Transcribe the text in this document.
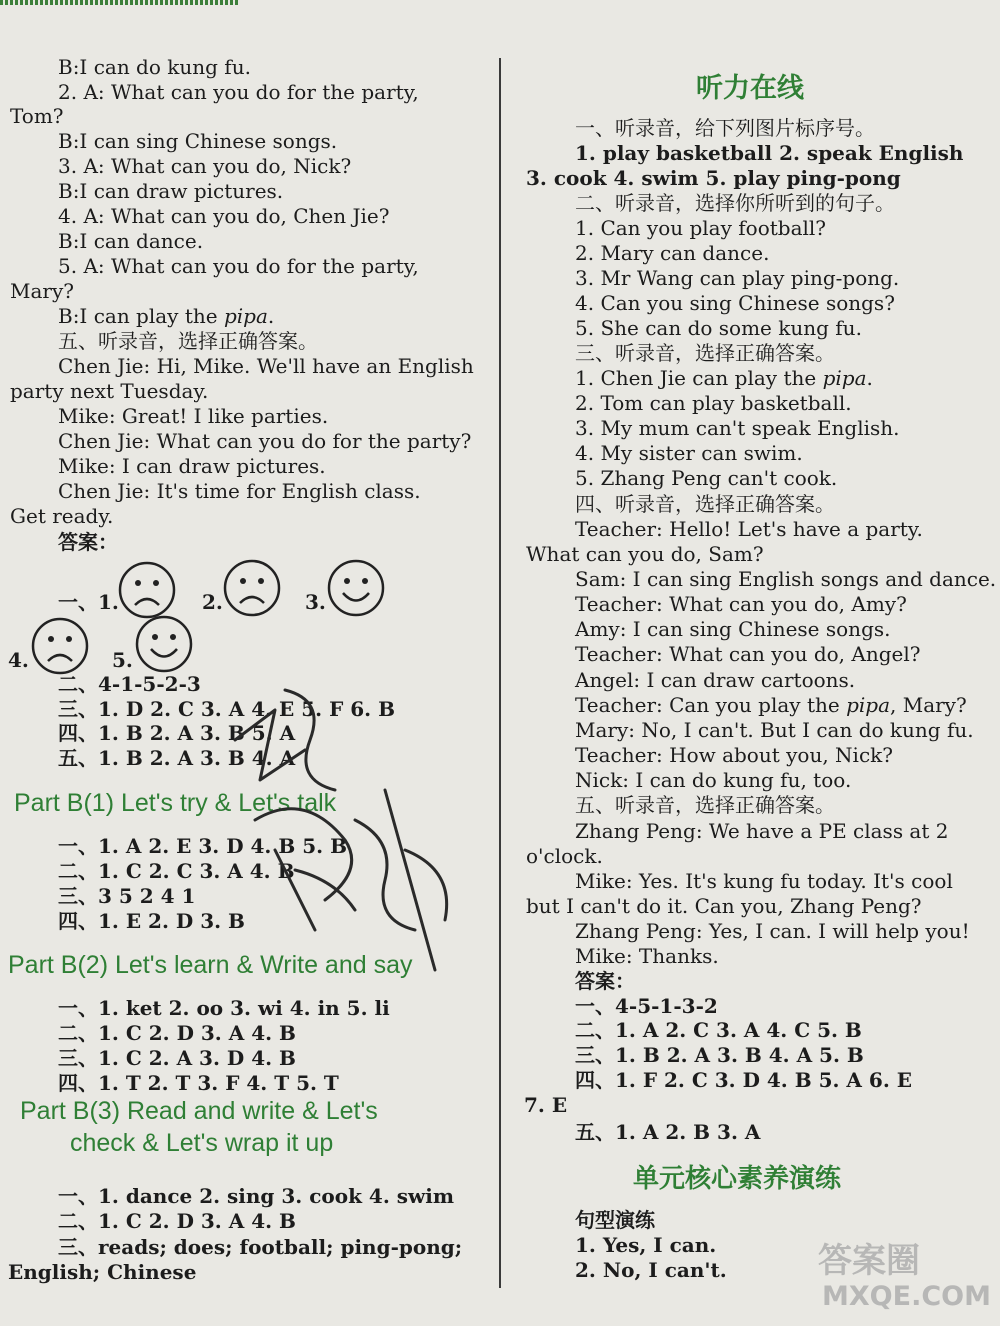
B:I can do kung fu.
2. A: What can you do for the party,
Tom?
B:I can sing Chinese songs.
3. A: What can you do, Nick?
B:I can draw pictures.
4. A: What can you do, Chen Jie?
B:I can dance.
5. A: What can you do for the party,
Mary?
B:I can play the pipa.
五、听录音，选择正确答案。
Chen Jie: Hi, Mike. We'll have an English
party next Tuesday.
Mike: Great! I like parties.
Chen Jie: What can you do for the party?
Mike: I can draw pictures.
Chen Jie: It's time for English class.
Get ready.
答案：
一、1.	2.	3.
4.	5.
二、4-1-5-2-3
三、1. D 2. C 3. A 4. E 5. F 6. B
四、1. B 2. A 3. B 5. A
五、1. B 2. A 3. B 4. A
Part B(1) Let's try & Let's talk
一、1. A 2. E 3. D 4. B 5. B
二、1. C 2. C 3. A 4. B
三、3 5 2 4 1
四、1. E 2. D 3. B
Part B(2) Let's learn & Write and say
一、1. ket 2. oo 3. wi 4. in 5. li
二、1. C 2. D 3. A 4. B
三、1. C 2. A 3. D 4. B
四、1. T 2. T 3. F 4. T 5. T
Part B(3) Read and write & Let's
check & Let's wrap it up
一、1. dance 2. sing 3. cook 4. swim
二、1. C 2. D 3. A 4. B
三、reads; does; football; ping-pong;
English; Chinese
听力在线
一、听录音，给下列图片标序号。
1. play basketball 2. speak English
3. cook 4. swim 5. play ping-pong
二、听录音，选择你所听到的句子。
1. Can you play football?
2. Mary can dance.
3. Mr Wang can play ping-pong.
4. Can you sing Chinese songs?
5. She can do some kung fu.
三、听录音，选择正确答案。
1. Chen Jie can play the pipa.
2. Tom can play basketball.
3. My mum can't speak English.
4. My sister can swim.
5. Zhang Peng can't cook.
四、听录音，选择正确答案。
Teacher: Hello! Let's have a party.
What can you do, Sam?
Sam: I can sing English songs and dance.
Teacher: What can you do, Amy?
Amy: I can sing Chinese songs.
Teacher: What can you do, Angel?
Angel: I can draw cartoons.
Teacher: Can you play the pipa, Mary?
Mary: No, I can't. But I can do kung fu.
Teacher: How about you, Nick?
Nick: I can do kung fu, too.
五、听录音，选择正确答案。
Zhang Peng: We have a PE class at 2
o'clock.
Mike: Yes. It's kung fu today. It's cool
but I can't do it. Can you, Zhang Peng?
Zhang Peng: Yes, I can. I will help you!
Mike: Thanks.
答案：
一、4-5-1-3-2
二、1. A 2. C 3. A 4. C 5. B
三、1. B 2. A 3. B 4. A 5. B
四、1. F 2. C 3. D 4. B 5. A 6. E
7. E
五、1. A 2. B 3. A
单元核心素养演练
句型演练
1. Yes, I can.
2. No, I can't.	答案圈
MXQE.COM
